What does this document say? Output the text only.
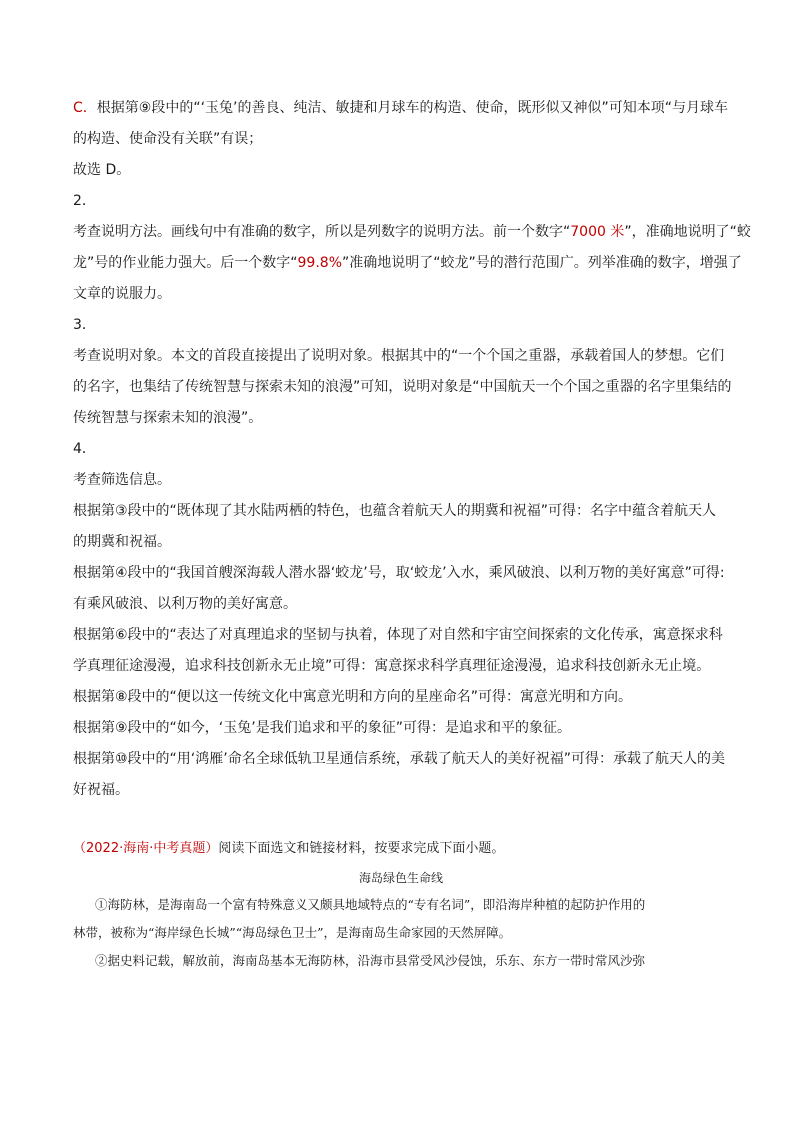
C．根据第⑨段中的“‘玉兔’的善良、纯洁、敏捷和月球车的构造、使命，既形似又神似”可知本项“与月球车

的构造、使命没有关联”有误；

故选 D。

2．

考查说明方法。画线句中有准确的数字，所以是列数字的说明方法。前一个数字“7000 米”，准确地说明了“蛟

龙”号的作业能力强大。后一个数字“99.8%”准确地说明了“蛟龙”号的潜行范围广。列举准确的数字，增强了

文章的说服力。

3．

考查说明对象。本文的首段直接提出了说明对象。根据其中的“一个个国之重器，承载着国人的梦想。它们

的名字，也集结了传统智慧与探索未知的浪漫”可知，说明对象是“中国航天一个个国之重器的名字里集结的

传统智慧与探索未知的浪漫”。

4．

考查筛选信息。

根据第③段中的“既体现了其水陆两栖的特色，也蕴含着航天人的期冀和祝福”可得：名字中蕴含着航天人

的期冀和祝福。

根据第④段中的“我国首艘深海载人潜水器‘蛟龙’号，取‘蛟龙’入水，乘风破浪、以利万物的美好寓意”可得:

有乘风破浪、以利万物的美好寓意。

根据第⑥段中的“表达了对真理追求的坚韧与执着，体现了对自然和宇宙空间探索的文化传承，寓意探求科

学真理征途漫漫，追求科技创新永无止境”可得：寓意探求科学真理征途漫漫，追求科技创新永无止境。

根据第⑧段中的“便以这一传统文化中寓意光明和方向的星座命名”可得：寓意光明和方向。

根据第⑨段中的“如今，‘玉兔’是我们追求和平的象征”可得：是追求和平的象征。

根据第⑩段中的“用‘鸿雁’命名全球低轨卫星通信系统，承载了航天人的美好祝福”可得：承载了航天人的美

好祝福。

（2022·海南·中考真题）阅读下面选文和链接材料，按要求完成下面小题。

海岛绿色生命线

①海防林，是海南岛一个富有特殊意义又颇具地域特点的“专有名词”，即沿海岸种植的起防护作用的

林带，被称为“海岸绿色长城”“海岛绿色卫士”，是海南岛生命家园的天然屏障。

②据史料记载，解放前，海南岛基本无海防林，沿海市县常受风沙侵蚀，乐东、东方一带时常风沙弥
